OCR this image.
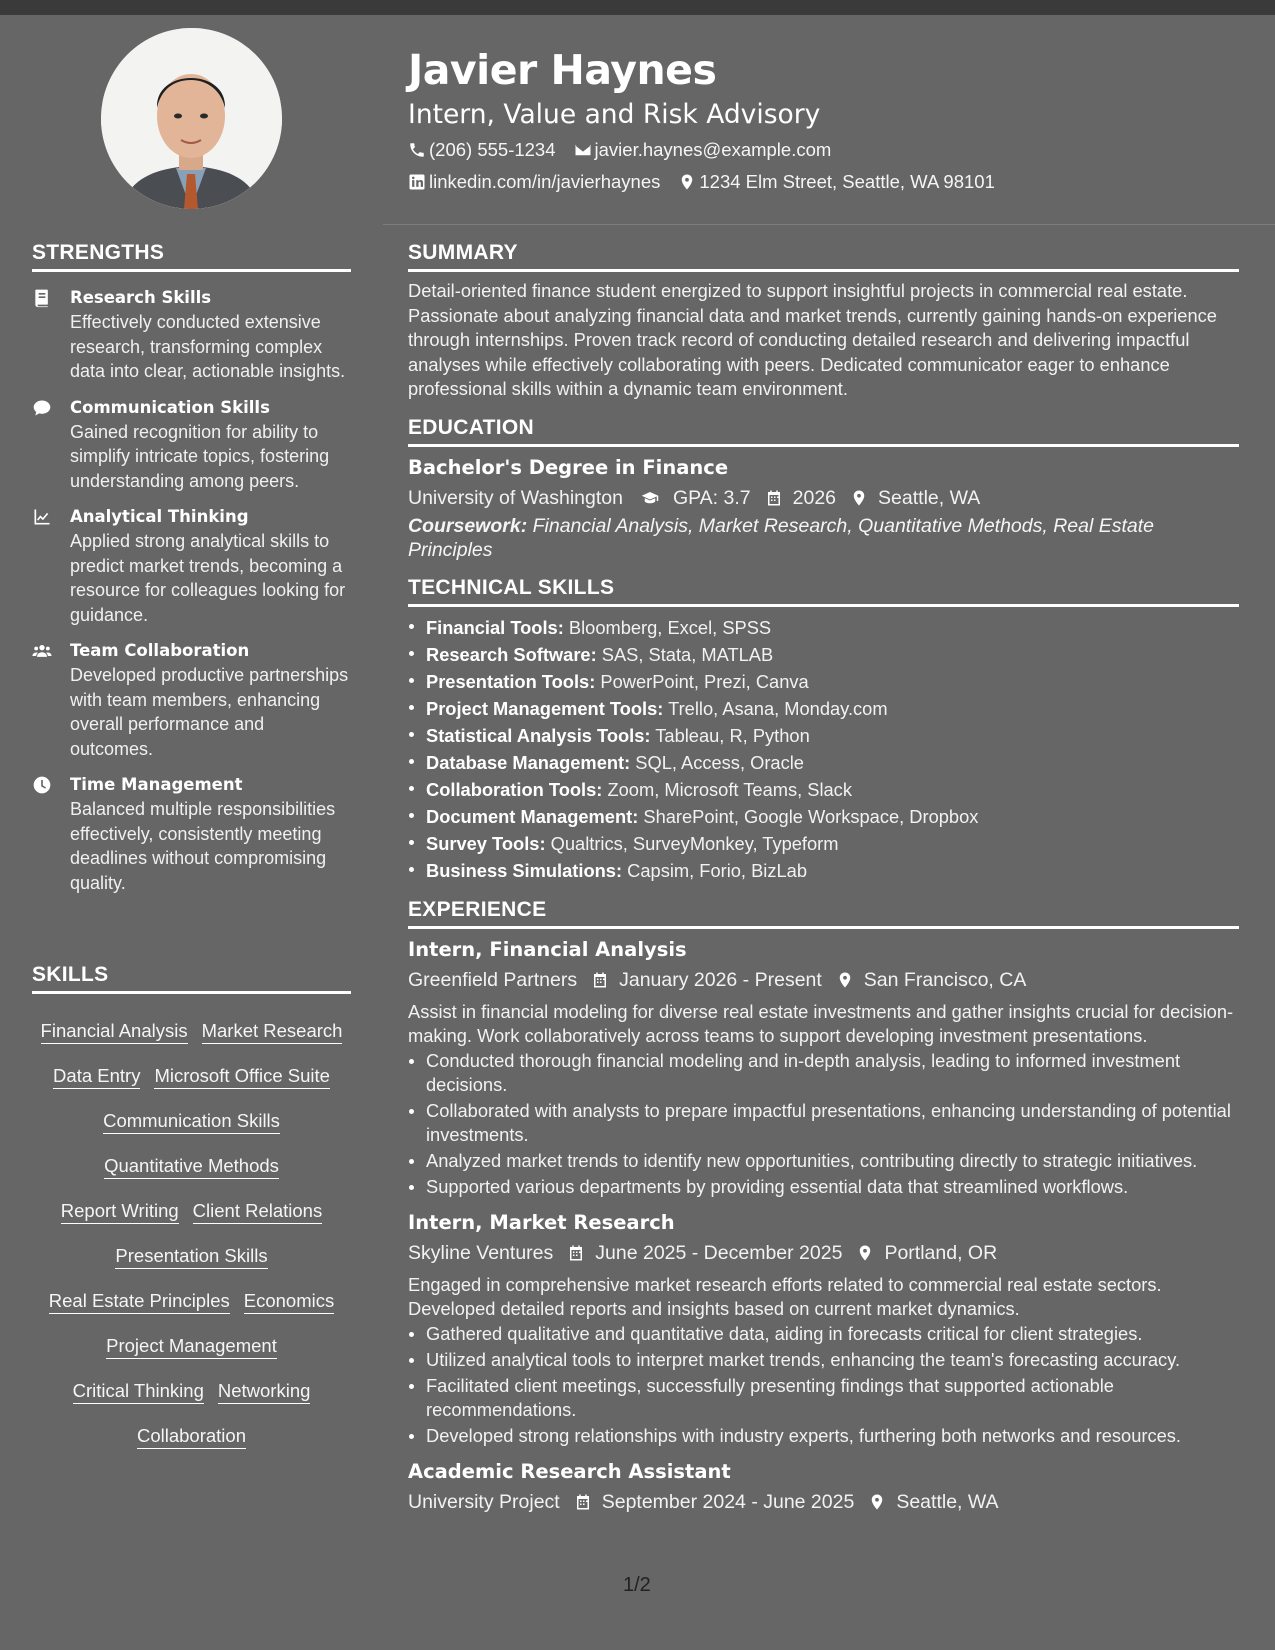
Javier Haynes
Intern, Value and Risk Advisory
(206) 555-1234 javier.haynes@example.com
linkedin.com/in/javierhaynes 1234 Elm Street, Seattle, WA 98101
STRENGTHS
Research Skills
Effectively conducted extensive research, transforming complex data into clear, actionable insights.
Communication Skills
Gained recognition for ability to simplify intricate topics, fostering understanding among peers.
Analytical Thinking
Applied strong analytical skills to predict market trends, becoming a resource for colleagues looking for guidance.
Team Collaboration
Developed productive partnerships with team members, enhancing overall performance and outcomes.
Time Management
Balanced multiple responsibilities effectively, consistently meeting deadlines without compromising quality.
SKILLS
Financial Analysis Market Research
Data Entry Microsoft Office Suite
Communication Skills
Quantitative Methods
Report Writing Client Relations
Presentation Skills
Real Estate Principles Economics
Project Management
Critical Thinking Networking
Collaboration
SUMMARY
Detail-oriented finance student energized to support insightful projects in commercial real estate. Passionate about analyzing financial data and market trends, currently gaining hands-on experience through internships. Proven track record of conducting detailed research and delivering impactful analyses while effectively collaborating with peers. Dedicated communicator eager to enhance professional skills within a dynamic team environment.
EDUCATION
Bachelor's Degree in Finance
University of Washington	GPA: 3.7 2026 Seattle, WA
Coursework: Financial Analysis, Market Research, Quantitative Methods, Real Estate Principles
TECHNICAL SKILLS
Financial Tools: Bloomberg, Excel, SPSS
Research Software: SAS, Stata, MATLAB
Presentation Tools: PowerPoint, Prezi, Canva
Project Management Tools: Trello, Asana, Monday.com
Statistical Analysis Tools: Tableau, R, Python
Database Management: SQL, Access, Oracle
Collaboration Tools: Zoom, Microsoft Teams, Slack
Document Management: SharePoint, Google Workspace, Dropbox
Survey Tools: Qualtrics, SurveyMonkey, Typeform
Business Simulations: Capsim, Forio, BizLab
EXPERIENCE
Intern, Financial Analysis
Greenfield Partners January 2026 - Present San Francisco, CA
Assist in financial modeling for diverse real estate investments and gather insights crucial for decision-making. Work collaboratively across teams to support developing investment presentations.
Conducted thorough financial modeling and in-depth analysis, leading to informed investment decisions.
Collaborated with analysts to prepare impactful presentations, enhancing understanding of potential investments.
Analyzed market trends to identify new opportunities, contributing directly to strategic initiatives.
Supported various departments by providing essential data that streamlined workflows.
Intern, Market Research
Skyline Ventures June 2025 - December 2025 Portland, OR
Engaged in comprehensive market research efforts related to commercial real estate sectors. Developed detailed reports and insights based on current market dynamics.
Gathered qualitative and quantitative data, aiding in forecasts critical for client strategies.
Utilized analytical tools to interpret market trends, enhancing the team's forecasting accuracy.
Facilitated client meetings, successfully presenting findings that supported actionable recommendations.
Developed strong relationships with industry experts, furthering both networks and resources.
Academic Research Assistant
University Project September 2024 - June 2025 Seattle, WA
1/2
